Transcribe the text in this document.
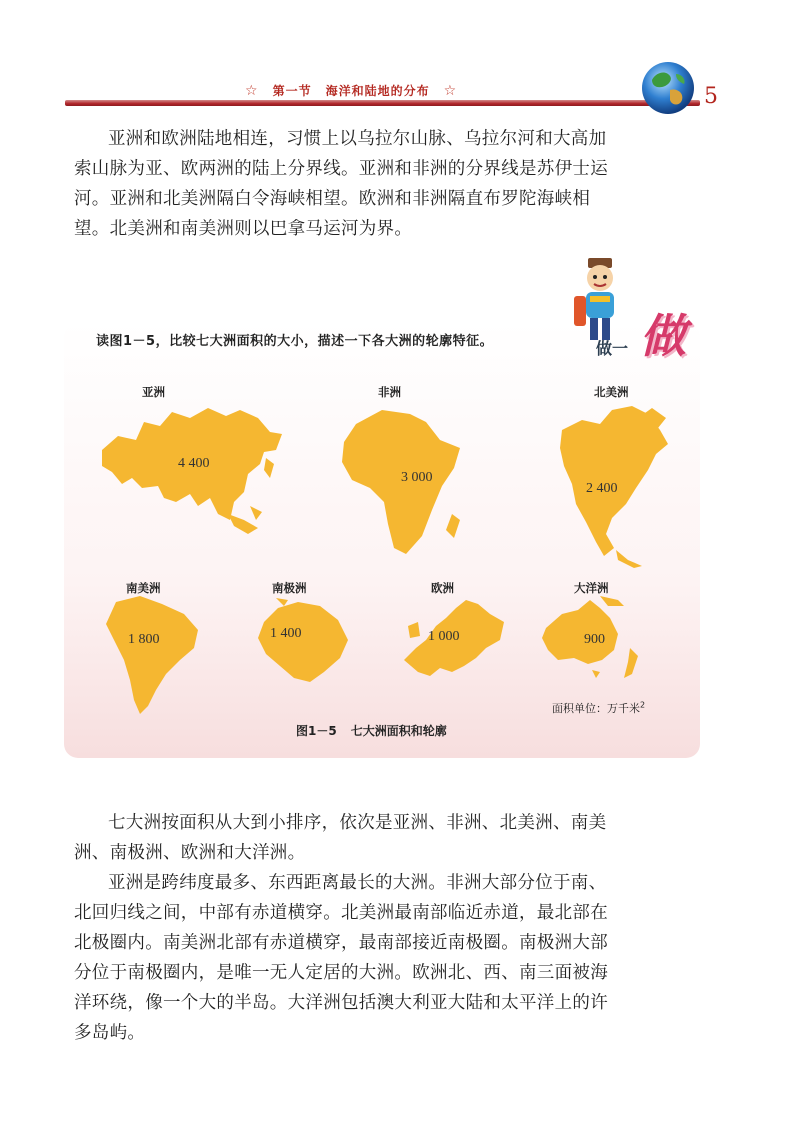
☆ 第一节 海洋和陆地的分布 ☆	5

亚洲和欧洲陆地相连，习惯上以乌拉尔山脉、乌拉尔河和大高加索山脉为亚、欧两洲的陆上分界线。亚洲和非洲的分界线是苏伊士运河。亚洲和北美洲隔白令海峡相望。欧洲和非洲隔直布罗陀海峡相望。北美洲和南美洲则以巴拿马运河为界。

做一 做
读图1－5，比较七大洲面积的大小，描述一下各大洲的轮廓特征。
亚洲
4 400
非洲
3 000
北美洲
2 400
南美洲
1 800
南极洲
1 400
欧洲
1 000
大洋洲
900
面积单位：万千米$^2$
图1－5 七大洲面积和轮廓

七大洲按面积从大到小排序，依次是亚洲、非洲、北美洲、南美洲、南极洲、欧洲和大洋洲。

亚洲是跨纬度最多、东西距离最长的大洲。非洲大部分位于南、北回归线之间，中部有赤道横穿。北美洲最南部临近赤道，最北部在北极圈内。南美洲北部有赤道横穿，最南部接近南极圈。南极洲大部分位于南极圈内，是唯一无人定居的大洲。欧洲北、西、南三面被海洋环绕，像一个大的半岛。大洋洲包括澳大利亚大陆和太平洋上的许多岛屿。
